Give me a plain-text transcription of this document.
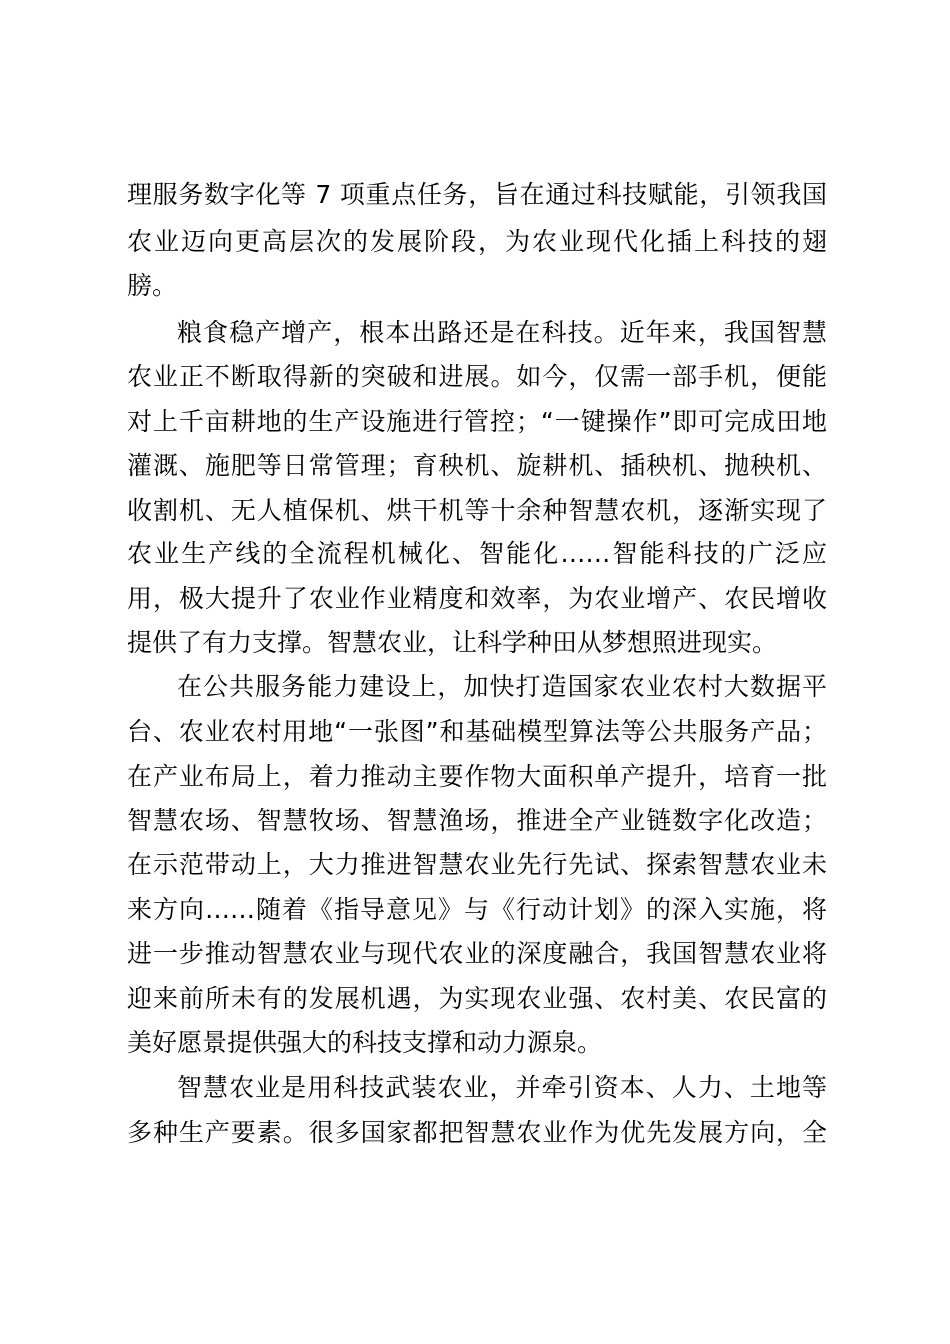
理服务数字化等 7 项重点任务，旨在通过科技赋能，引领我国
农业迈向更高层次的发展阶段，为农业现代化插上科技的翅
膀。
粮食稳产增产，根本出路还是在科技。近年来，我国智慧
农业正不断取得新的突破和进展。如今，仅需一部手机，便能
对上千亩耕地的生产设施进行管控；“一键操作”即可完成田地
灌溉、施肥等日常管理；育秧机、旋耕机、插秧机、抛秧机、
收割机、无人植保机、烘干机等十余种智慧农机，逐渐实现了
农业生产线的全流程机械化、智能化……智能科技的广泛应
用，极大提升了农业作业精度和效率，为农业增产、农民增收
提供了有力支撑。智慧农业，让科学种田从梦想照进现实。
在公共服务能力建设上，加快打造国家农业农村大数据平
台、农业农村用地“一张图”和基础模型算法等公共服务产品；
在产业布局上，着力推动主要作物大面积单产提升，培育一批
智慧农场、智慧牧场、智慧渔场，推进全产业链数字化改造；
在示范带动上，大力推进智慧农业先行先试、探索智慧农业未
来方向……随着《指导意见》与《行动计划》的深入实施，将
进一步推动智慧农业与现代农业的深度融合，我国智慧农业将
迎来前所未有的发展机遇，为实现农业强、农村美、农民富的
美好愿景提供强大的科技支撑和动力源泉。
智慧农业是用科技武装农业，并牵引资本、人力、土地等
多种生产要素。很多国家都把智慧农业作为优先发展方向，全
